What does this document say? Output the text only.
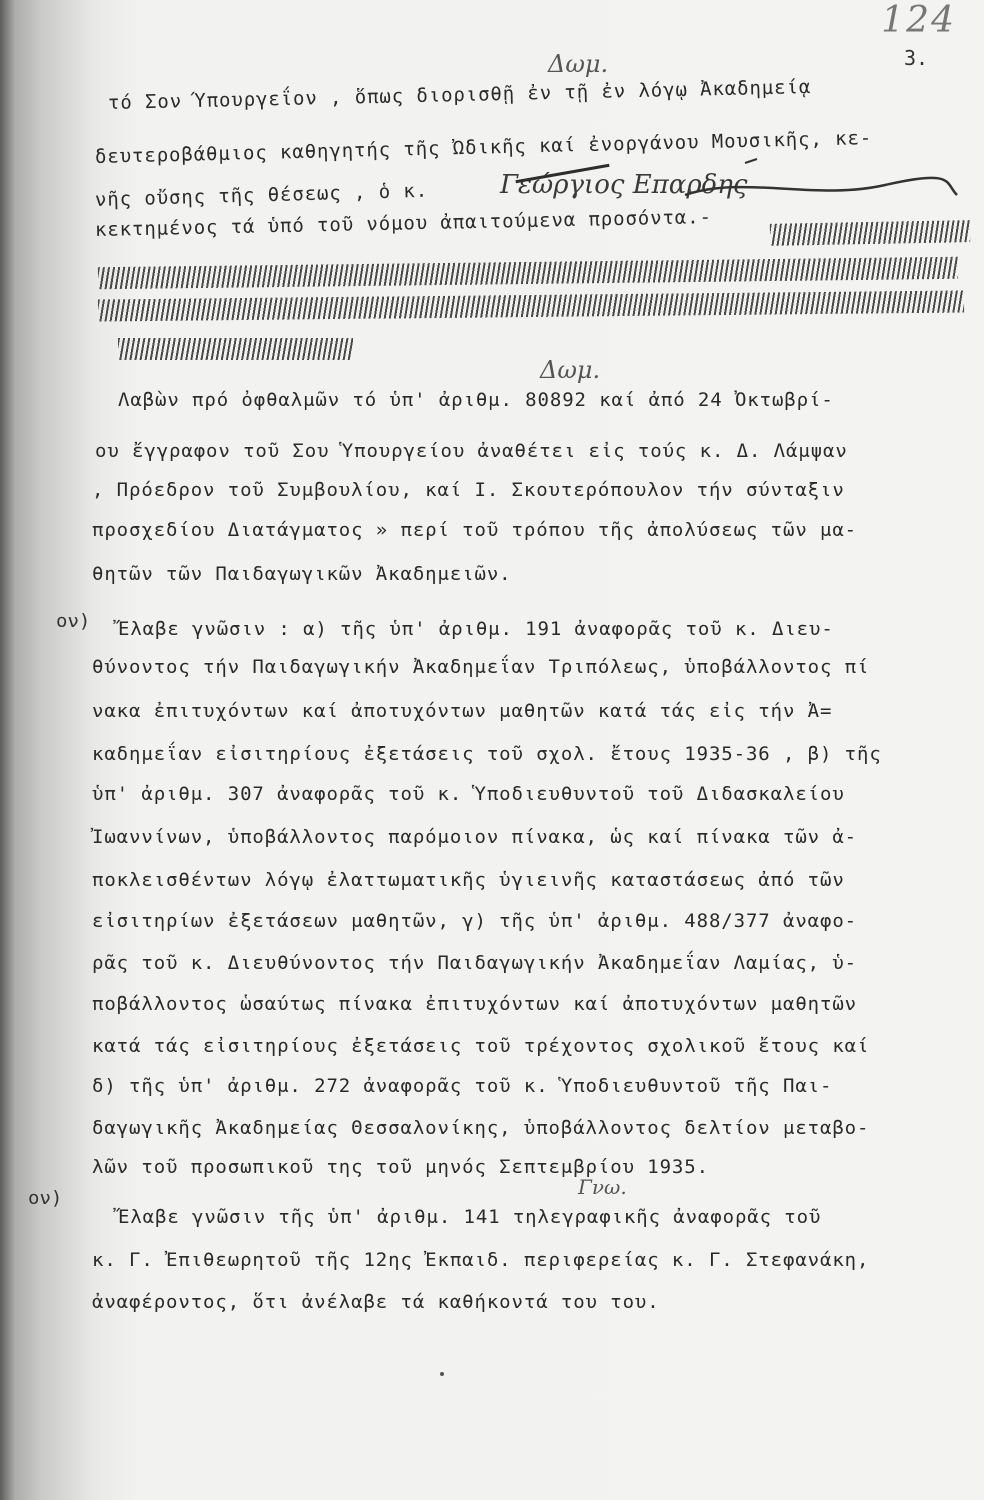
124
3.
Δωμ.
Δωμ.
Γνω.
Γεώργιος Επαρδης
ον)
ον)
τό Σον Ύπουργεΐον , ὅπως διορισθῇ ἐν τῇ ἐν λόγῳ Ἀκαδημείᾳ
δευτεροβάθμιος καθηγητής τῆς Ὠδικῆς καί ἐνοργάνου Μουσικῆς, κε-
νῆς οὔσης τῆς θέσεως , ὁ κ.
κεκτημένος τά ὑπό τοῦ νόμου ἀπαιτούμενα προσόντα.-
Λαβὼν πρό ὀφθαλμῶν τό ὑπ' ἀριθμ. 80892 καί ἀπό 24 Ὀκτωβρί-
ου ἔγγραφον τοῦ Σου Ὑπουργείου ἀναθέτει εἰς τούς κ. Δ. Λάμψαν
, Πρόεδρον τοῦ Συμβουλίου, καί Ι. Σκουτερόπουλον τήν σύνταξιν
προσχεδίου Διατάγματος » περί τοῦ τρόπου τῆς ἀπολύσεως τῶν μα-
θητῶν τῶν Παιδαγωγικῶν Ἀκαδημειῶν.
Ἔλαβε γνῶσιν : α) τῆς ὑπ' ἀριθμ. 191 ἀναφορᾶς τοῦ κ. Διευ-
θύνοντος τήν Παιδαγωγικήν Ἀκαδημεΐαν Τριπόλεως, ὑποβάλλοντος πί
νακα ἐπιτυχόντων καί ἀποτυχόντων μαθητῶν κατά τάς εἰς τήν Ἀ=
καδημεΐαν εἰσιτηρίους ἐξετάσεις τοῦ σχολ. ἔτους 1935-36 , β) τῆς
ὑπ' ἀριθμ. 307 ἀναφορᾶς τοῦ κ. Ὑποδιευθυντοῦ τοῦ Διδασκαλείου
Ἰωαννίνων, ὑποβάλλοντος παρόμοιον πίνακα, ὡς καί πίνακα τῶν ἀ-
ποκλεισθέντων λόγῳ ἐλαττωματικῆς ὑγιεινῆς καταστάσεως ἀπό τῶν
εἰσιτηρίων ἐξετάσεων μαθητῶν, γ) τῆς ὑπ' ἀριθμ. 488/377 ἀναφο-
ρᾶς τοῦ κ. Διευθύνοντος τήν Παιδαγωγικήν Ἀκαδημεΐαν Λαμίας, ὑ-
ποβάλλοντος ὡσαύτως πίνακα ἐπιτυχόντων καί ἀποτυχόντων μαθητῶν
κατά τάς εἰσιτηρίους ἐξετάσεις τοῦ τρέχοντος σχολικοῦ ἔτους καί
δ) τῆς ὑπ' ἀριθμ. 272 ἀναφορᾶς τοῦ κ. Ὑποδιευθυντοῦ τῆς Παι-
δαγωγικῆς Ἀκαδημείας Θεσσαλονίκης, ὑποβάλλοντος δελτίον μεταβο-
λῶν τοῦ προσωπικοῦ της τοῦ μηνός Σεπτεμβρίου 1935.
Ἔλαβε γνῶσιν τῆς ὑπ' ἀριθμ. 141 τηλεγραφικῆς ἀναφορᾶς τοῦ
κ. Γ. Ἐπιθεωρητοῦ τῆς 12ης Ἐκπαιδ. περιφερείας κ. Γ. Στεφανάκη,
ἀναφέροντος, ὅτι ἀνέλαβε τά καθήκοντά του του.
